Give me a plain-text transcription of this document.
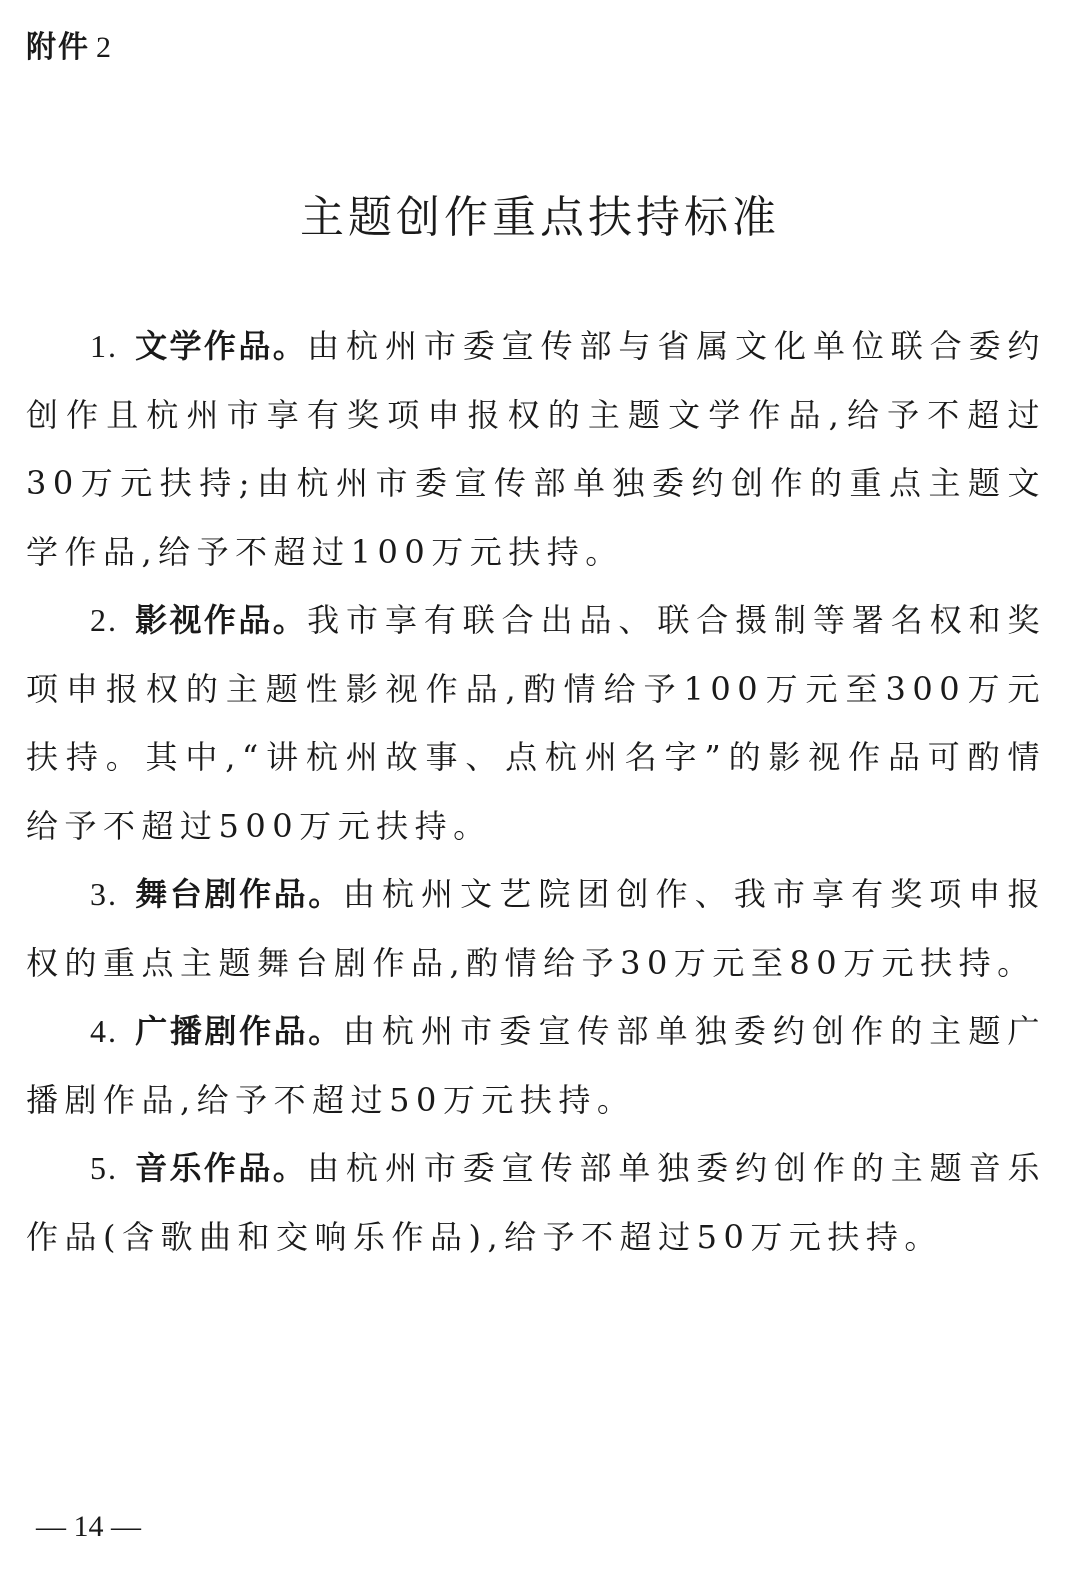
附件 2
主题创作重点扶持标准

1. 文学作品。由杭州市委宣传部与省属文化单位联合委约创作且杭州市享有奖项申报权的主题文学作品,给予不超过30万元扶持;由杭州市委宣传部单独委约创作的重点主题文学作品,给予不超过100万元扶持。

2. 影视作品。我市享有联合出品、联合摄制等署名权和奖项申报权的主题性影视作品,酌情给予100万元至300万元扶持。其中,“讲杭州故事、点杭州名字”的影视作品可酌情给予不超过500万元扶持。

3. 舞台剧作品。由杭州文艺院团创作、我市享有奖项申报权的重点主题舞台剧作品,酌情给予30万元至80万元扶持。

4. 广播剧作品。由杭州市委宣传部单独委约创作的主题广播剧作品,给予不超过50万元扶持。

5. 音乐作品。由杭州市委宣传部单独委约创作的主题音乐作品(含歌曲和交响乐作品),给予不超过50万元扶持。

— 14 —
